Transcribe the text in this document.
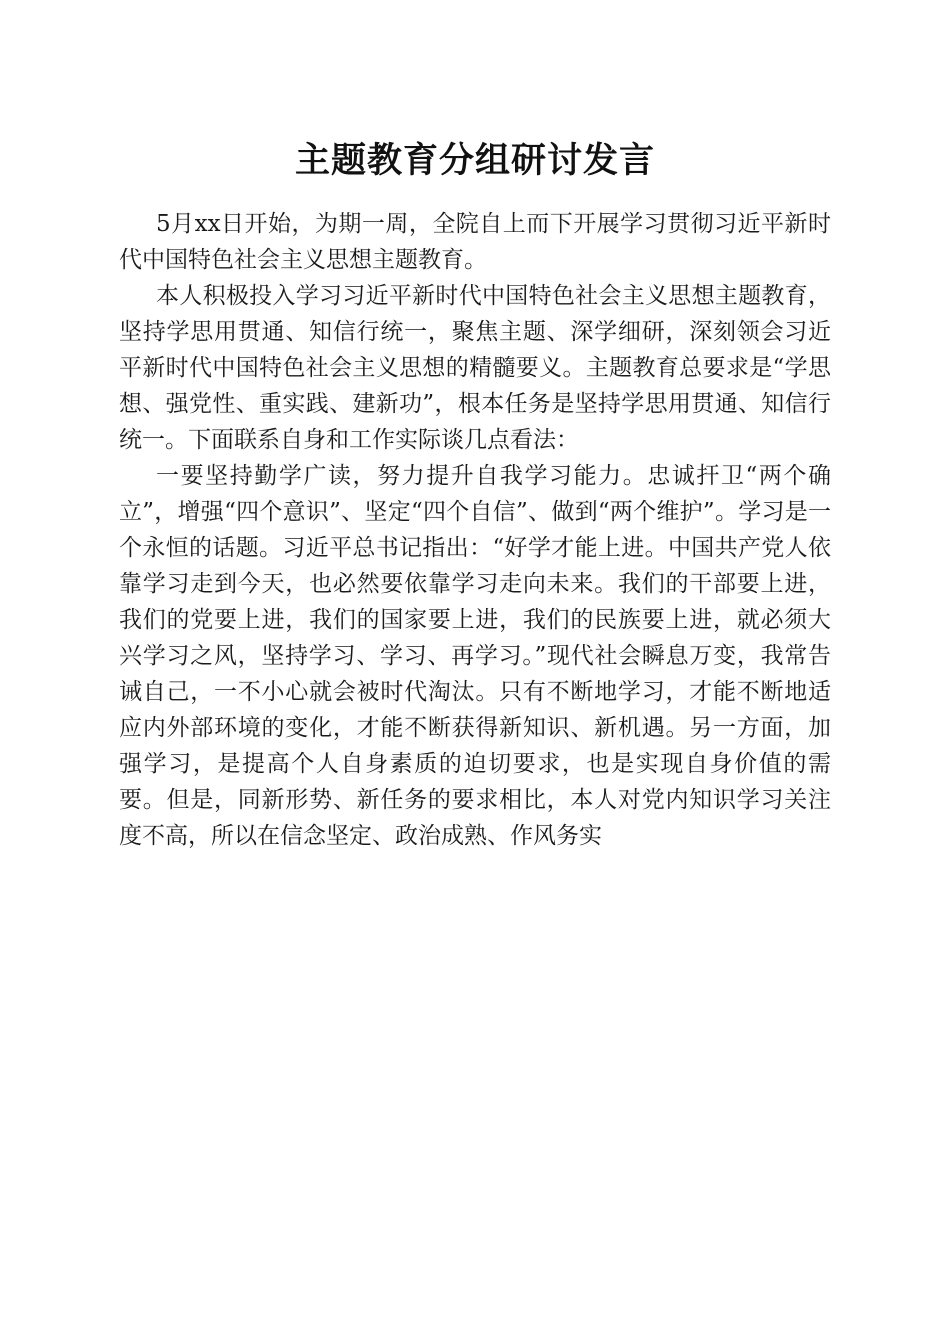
主题教育分组研讨发言

5月xx日开始，为期一周，全院自上而下开展学习贯彻习近平新时代中国特色社会主义思想主题教育。

本人积极投入学习习近平新时代中国特色社会主义思想主题教育，坚持学思用贯通、知信行统一，聚焦主题、深学细研，深刻领会习近平新时代中国特色社会主义思想的精髓要义。主题教育总要求是“学思想、强党性、重实践、建新功”，根本任务是坚持学思用贯通、知信行统一。下面联系自身和工作实际谈几点看法：

一要坚持勤学广读，努力提升自我学习能力。忠诚扞卫“两个确立”，增强“四个意识”、坚定“四个自信”、做到“两个维护”。学习是一个永恒的话题。习近平总书记指出：“好学才能上进。中国共产党人依靠学习走到今天，也必然要依靠学习走向未来。我们的干部要上进，我们的党要上进，我们的国家要上进，我们的民族要上进，就必须大兴学习之风，坚持学习、学习、再学习。”现代社会瞬息万变，我常告诫自己，一不小心就会被时代淘汰。只有不断地学习，才能不断地适应内外部环境的变化，才能不断获得新知识、新机遇。另一方面，加强学习，是提高个人自身素质的迫切要求，也是实现自身价值的需要。但是，同新形势、新任务的要求相比，本人对党内知识学习关注度不高，所以在信念坚定、政治成熟、作风务实
